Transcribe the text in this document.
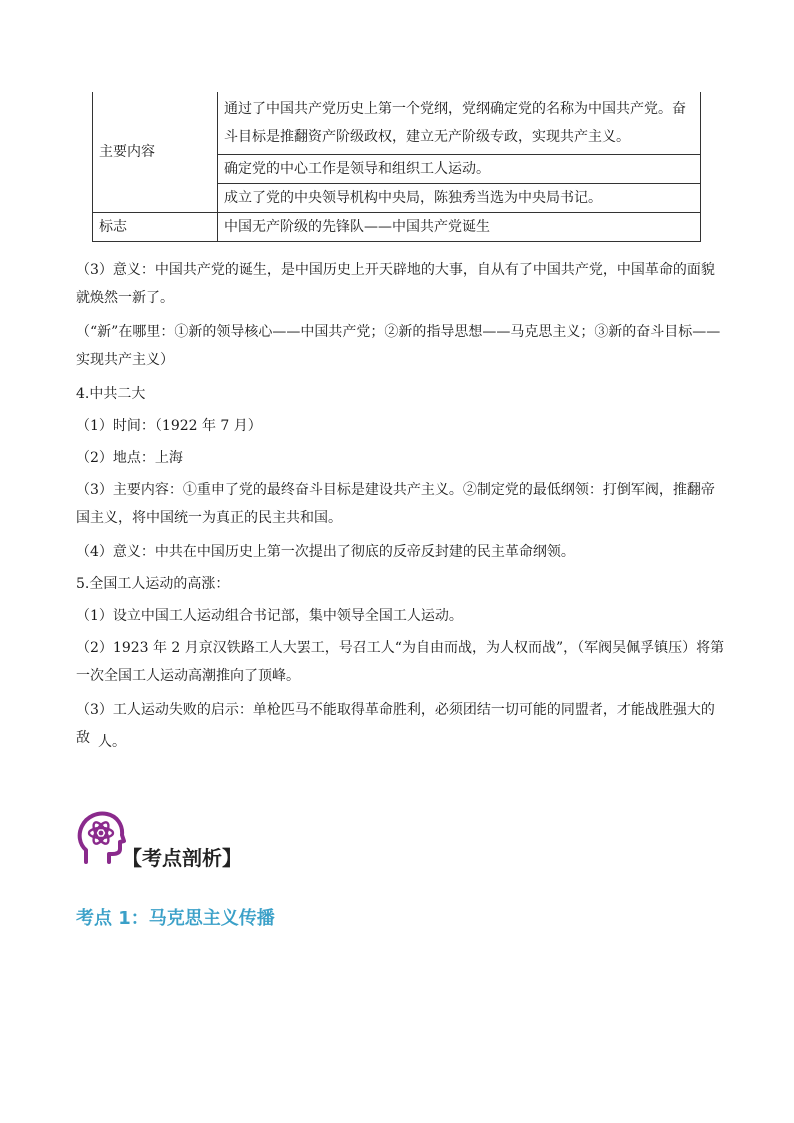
主要内容	通过了中国共产党历史上第一个党纲，党纲确定党的名称为中国共产党。奋斗目标是推翻资产阶级政权，建立无产阶级专政，实现共产主义。
	确定党的中心工作是领导和组织工人运动。
	成立了党的中央领导机构中央局，陈独秀当选为中央局书记。
标志	中国无产阶级的先锋队——中国共产党诞生
（3）意义：中国共产党的诞生，是中国历史上开天辟地的大事，自从有了中国共产党，中国革命的面貌就焕然一新了。
（“新”在哪里：①新的领导核心——中国共产党；②新的指导思想——马克思主义；③新的奋斗目标——实现共产主义）
4.中共二大
（1）时间：（1922 年 7 月）
（2）地点：上海
（3）主要内容：①重申了党的最终奋斗目标是建设共产主义。②制定党的最低纲领：打倒军阀，推翻帝国主义，将中国统一为真正的民主共和国。
（4）意义：中共在中国历史上第一次提出了彻底的反帝反封建的民主革命纲领。
5.全国工人运动的高涨：
（1）设立中国工人运动组合书记部，集中领导全国工人运动。
（2）1923 年 2 月京汉铁路工人大罢工，号召工人“为自由而战，为人权而战”，（军阀吴佩孚镇压）将第一次全国工人运动高潮推向了顶峰。
（3）工人运动失败的启示：单枪匹马不能取得革命胜利，必须团结一切可能的同盟者，才能战胜强大的敌 人。
【考点剖析】
考点 1：马克思主义传播
